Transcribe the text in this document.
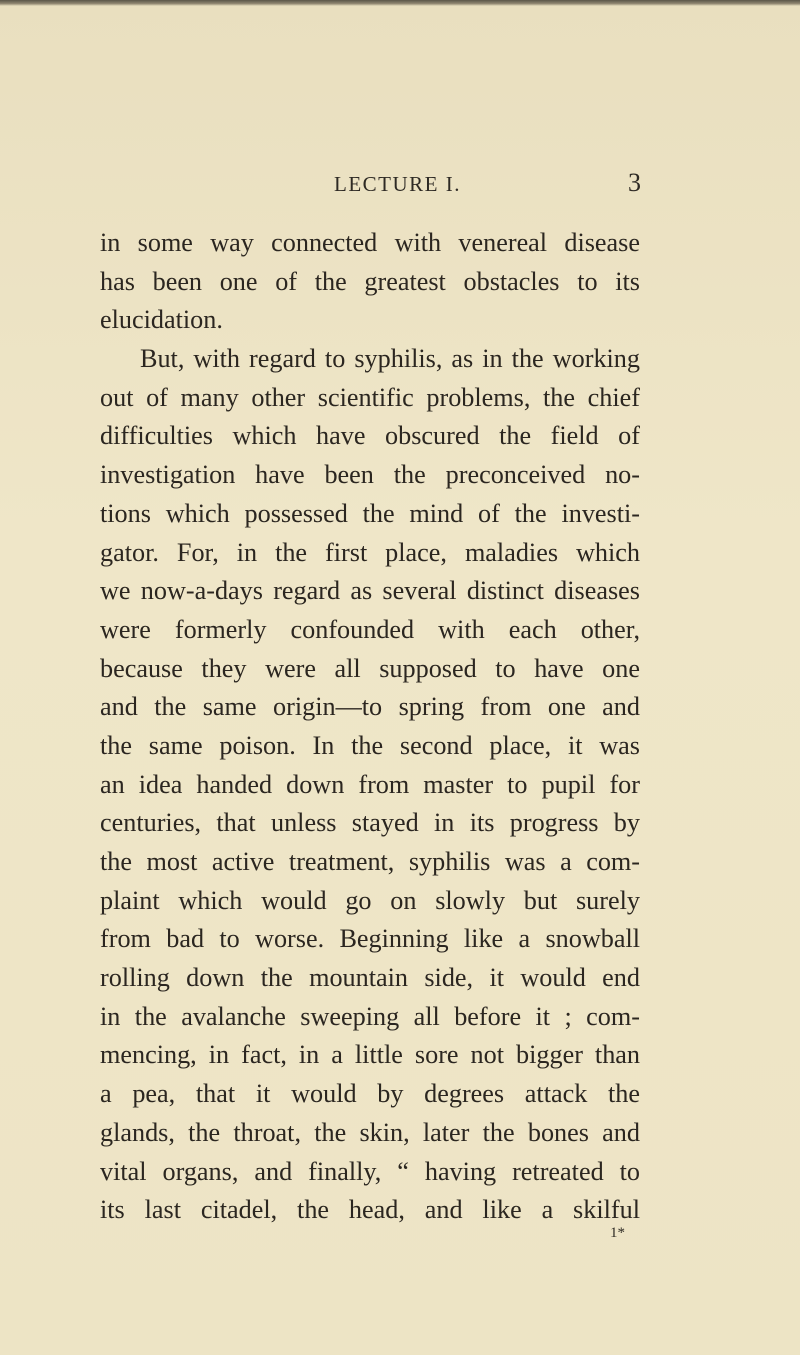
LECTURE I.	3
in some way connected with venereal disease
has been one of the greatest obstacles to its
elucidation.
But, with regard to syphilis, as in the working
out of many other scientific problems, the chief
difficulties which have obscured the field of
investigation have been the preconceived no-
tions which possessed the mind of the investi-
gator. For, in the first place, maladies which
we now-a-days regard as several distinct diseases
were formerly confounded with each other,
because they were all supposed to have one
and the same origin—to spring from one and
the same poison. In the second place, it was
an idea handed down from master to pupil for
centuries, that unless stayed in its progress by
the most active treatment, syphilis was a com-
plaint which would go on slowly but surely
from bad to worse. Beginning like a snowball
rolling down the mountain side, it would end
in the avalanche sweeping all before it ; com-
mencing, in fact, in a little sore not bigger than
a pea, that it would by degrees attack the
glands, the throat, the skin, later the bones and
vital organs, and finally, “ having retreated to
its last citadel, the head, and like a skilful
1*
